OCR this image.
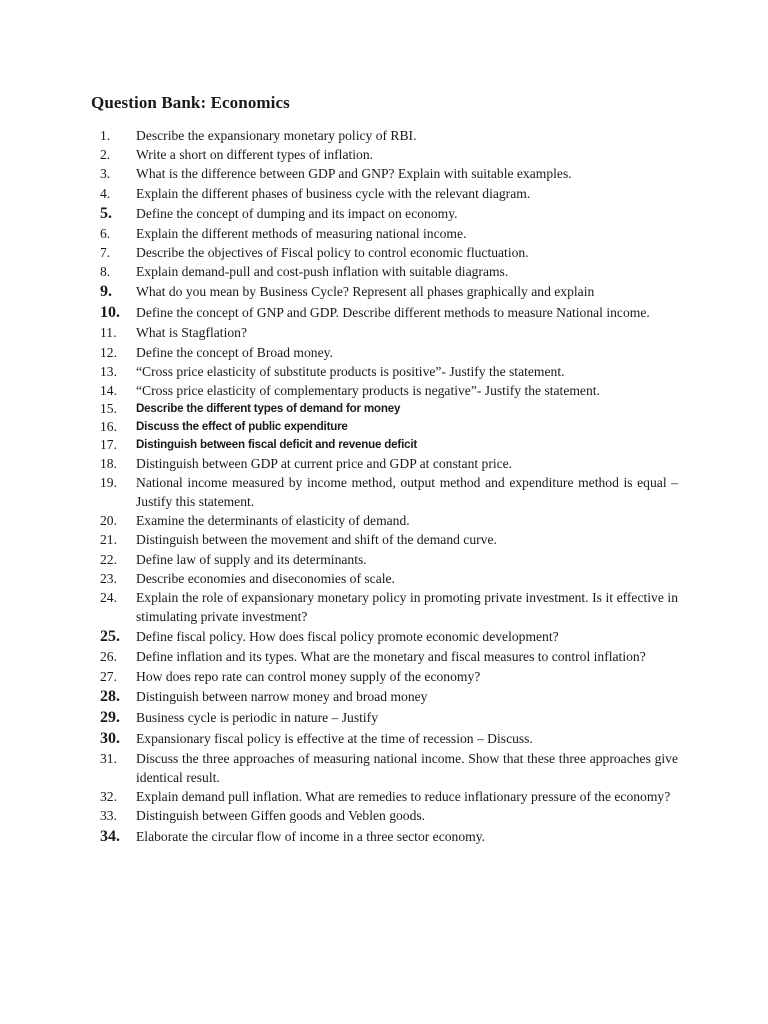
Question Bank: Economics
1.	Describe the expansionary monetary policy of RBI.
2.	Write a short on different types of inflation.
3.	What is the difference between GDP and GNP? Explain with suitable examples.
4.	Explain the different phases of business cycle with the relevant diagram.
5.	Define the concept of dumping and its impact on economy.
6.	Explain the different methods of measuring national income.
7.	Describe the objectives of Fiscal policy to control economic fluctuation.
8.	Explain demand-pull and cost-push inflation with suitable diagrams.
9.	What do you mean by Business Cycle? Represent all phases graphically and explain
10.	Define the concept of GNP and GDP. Describe different methods to measure National income.
11.	What is Stagflation?
12.	Define the concept of Broad money.
13.	“Cross price elasticity of substitute products is positive”- Justify the statement.
14.	“Cross price elasticity of complementary products is negative”- Justify the statement.
15.	Describe the different types of demand for money
16.	Discuss the effect of public expenditure
17.	Distinguish between fiscal deficit and revenue deficit
18.	Distinguish between GDP at current price and GDP at constant price.
19.	National income measured by income method, output method and expenditure method is equal – Justify this statement.
20.	Examine the determinants of elasticity of demand.
21.	Distinguish between the movement and shift of the demand curve.
22.	Define law of supply and its determinants.
23.	Describe economies and diseconomies of scale.
24.	Explain the role of expansionary monetary policy in promoting private investment. Is it effective in stimulating private investment?
25.	Define fiscal policy. How does fiscal policy promote economic development?
26.	Define inflation and its types. What are the monetary and fiscal measures to control inflation?
27.	How does repo rate can control money supply of the economy?
28.	Distinguish between narrow money and broad money
29.	Business cycle is periodic in nature – Justify
30.	Expansionary fiscal policy is effective at the time of recession – Discuss.
31.	Discuss the three approaches of measuring national income. Show that these three approaches give identical result.
32.	Explain demand pull inflation. What are remedies to reduce inflationary pressure of the economy?
33.	Distinguish between Giffen goods and Veblen goods.
34.	Elaborate the circular flow of income in a three sector economy.
